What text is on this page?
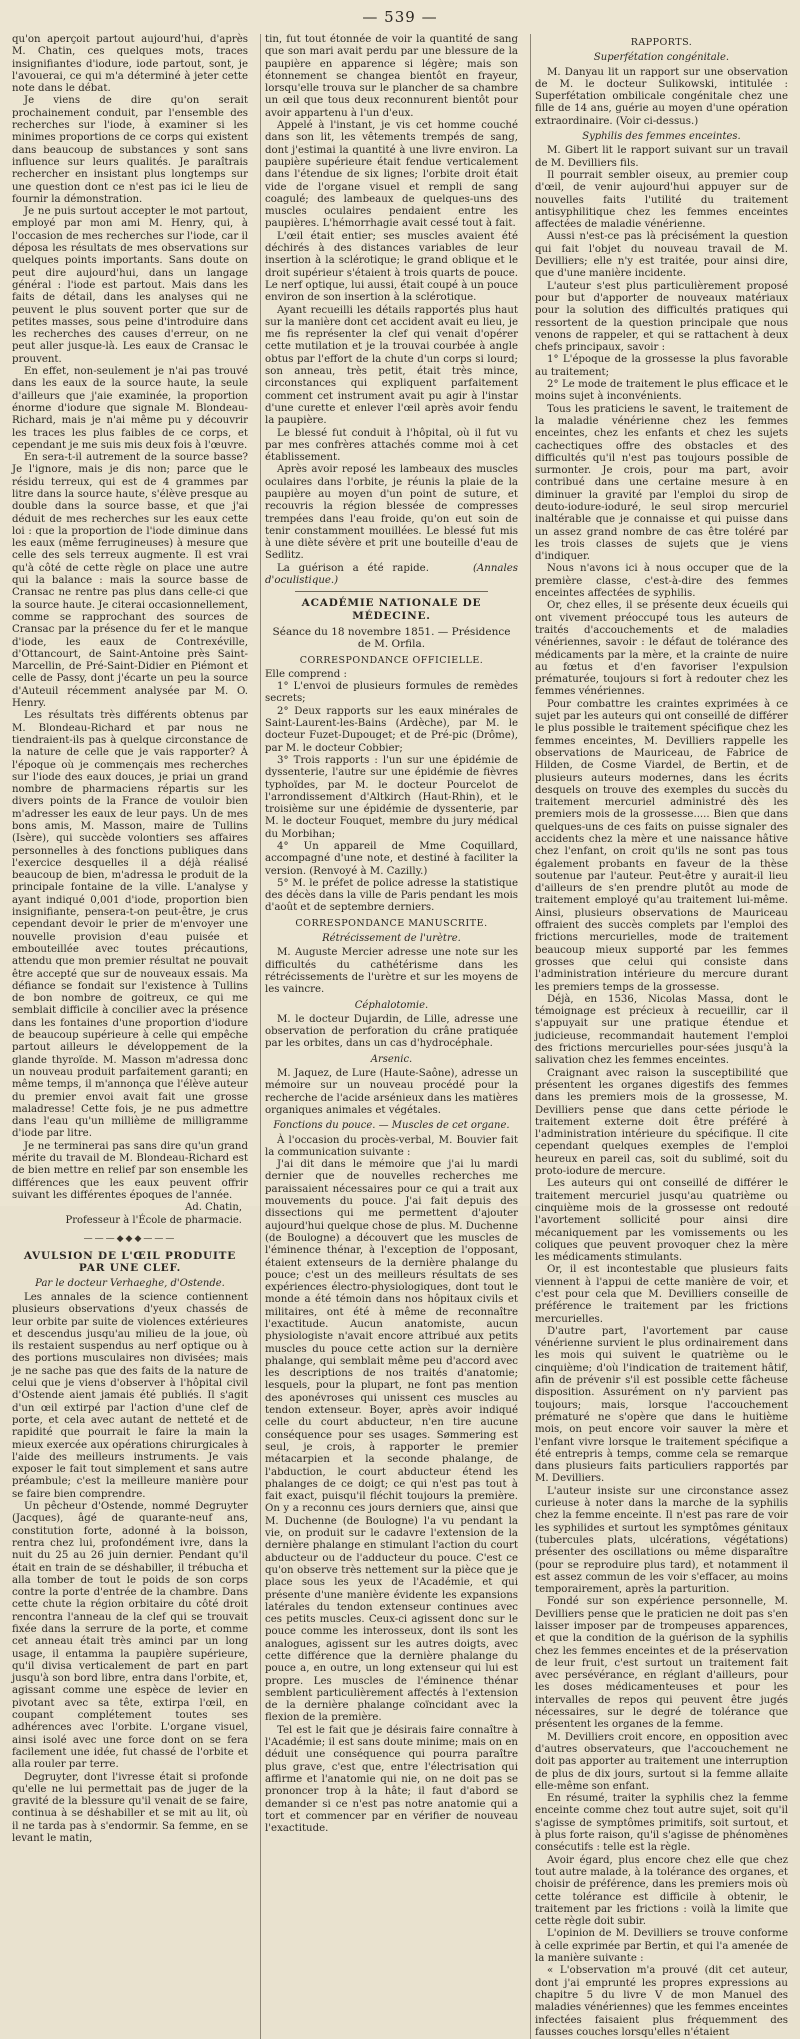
— 539 —

qu'on aperçoit partout aujourd'hui, d'après M. Chatin, ces quelques mots, traces insignifiantes d'iodure, iode partout, sont, je l'avouerai, ce qui m'a déterminé à jeter cette note dans le débat.

Je viens de dire qu'on serait prochainement conduit, par l'ensemble des recherches sur l'iode, à examiner si les minimes proportions de ce corps qui existent dans beaucoup de substances y sont sans influence sur leurs qualités. Je paraîtrais rechercher en insistant plus longtemps sur une question dont ce n'est pas ici le lieu de fournir la démonstration.

Je ne puis surtout accepter le mot partout, employé par mon ami M. Henry, qui, à l'occasion de mes recherches sur l'iode, car il déposa les résultats de mes observations sur quelques points importants. Sans doute on peut dire aujourd'hui, dans un langage général : l'iode est partout. Mais dans les faits de détail, dans les analyses qui ne peuvent le plus souvent porter que sur de petites masses, sous peine d'introduire dans les recherches des causes d'erreur, on ne peut aller jusque-là. Les eaux de Cransac le prouvent.

En effet, non-seulement je n'ai pas trouvé dans les eaux de la source haute, la seule d'ailleurs que j'aie examinée, la proportion énorme d'iodure que signale M. Blondeau-Richard, mais je n'ai même pu y découvrir les traces les plus faibles de ce corps, et cependant je me suis mis deux fois à l'œuvre.

En sera-t-il autrement de la source basse? Je l'ignore, mais je dis non; parce que le résidu terreux, qui est de 4 grammes par litre dans la source haute, s'élève presque au double dans la source basse, et que j'ai déduit de mes recherches sur les eaux cette loi : que la proportion de l'iode diminue dans les eaux (même ferrugineuses) à mesure que celle des sels terreux augmente. Il est vrai qu'à côté de cette règle on place une autre qui la balance : mais la source basse de Cransac ne rentre pas plus dans celle-ci que la source haute. Je citerai occasionnellement, comme se rapprochant des sources de Cransac par la présence du fer et le manque d'iode, les eaux de Contrexéville, d'Ottancourt, de Saint-Antoine près Saint-Marcellin, de Pré-Saint-Didier en Piémont et celle de Passy, dont j'écarte un peu la source d'Auteuil récemment analysée par M. O. Henry.

Les résultats très différents obtenus par M. Blondeau-Richard et par nous ne tiendraient-ils pas à quelque circonstance de la nature de celle que je vais rapporter? À l'époque où je commençais mes recherches sur l'iode des eaux douces, je priai un grand nombre de pharmaciens répartis sur les divers points de la France de vouloir bien m'adresser les eaux de leur pays. Un de mes bons amis, M. Masson, maire de Tullins (Isère), qui succède volontiers ses affaires personnelles à des fonctions publiques dans l'exercice desquelles il a déjà réalisé beaucoup de bien, m'adressa le produit de la principale fontaine de la ville. L'analyse y ayant indiqué 0,001 d'iode, proportion bien insignifiante, pensera-t-on peut-être, je crus cependant devoir le prier de m'envoyer une nouvelle provision d'eau puisée et embouteillée avec toutes précautions, attendu que mon premier résultat ne pouvait être accepté que sur de nouveaux essais. Ma défiance se fondait sur l'existence à Tullins de bon nombre de goitreux, ce qui me semblait difficile à concilier avec la présence dans les fontaines d'une proportion d'iodure de beaucoup supérieure à celle qui empêche partout ailleurs le développement de la glande thyroïde. M. Masson m'adressa donc un nouveau produit parfaitement garanti; en même temps, il m'annonça que l'élève auteur du premier envoi avait fait une grosse maladresse! Cette fois, je ne pus admettre dans l'eau qu'un millième de milligramme d'iode par litre.

Je ne terminerai pas sans dire qu'un grand mérite du travail de M. Blondeau-Richard est de bien mettre en relief par son ensemble les différences que les eaux peuvent offrir suivant les différentes époques de l'année.

Ad. Chatin,
Professeur à l'École de pharmacie.
———◆◆◆———
AVULSION DE L'ŒIL PRODUITE PAR UNE CLEF.
Par le docteur Verhaeghe, d'Ostende.

Les annales de la science contiennent plusieurs observations d'yeux chassés de leur orbite par suite de violences extérieures et descendus jusqu'au milieu de la joue, où ils restaient suspendus au nerf optique ou à des portions musculaires non divisées; mais je ne sache pas que des faits de la nature de celui que je viens d'observer à l'hôpital civil d'Ostende aient jamais été publiés. Il s'agit d'un œil extirpé par l'action d'une clef de porte, et cela avec autant de netteté et de rapidité que pourrait le faire la main la mieux exercée aux opérations chirurgicales à l'aide des meilleurs instruments. Je vais exposer le fait tout simplement et sans autre préambule; c'est la meilleure manière pour se faire bien comprendre.

Un pêcheur d'Ostende, nommé Degruyter (Jacques), âgé de quarante-neuf ans, constitution forte, adonné à la boisson, rentra chez lui, profondément ivre, dans la nuit du 25 au 26 juin dernier. Pendant qu'il était en train de se déshabiller, il trébucha et alla tomber de tout le poids de son corps contre la porte d'entrée de la chambre. Dans cette chute la région orbitaire du côté droit rencontra l'anneau de la clef qui se trouvait fixée dans la serrure de la porte, et comme cet anneau était très aminci par un long usage, il entamma la paupière supérieure, qu'il divisa verticalement de part en part jusqu'à son bord libre, entra dans l'orbite, et, agissant comme une espèce de levier en pivotant avec sa tête, extirpa l'œil, en coupant complétement toutes ses adhérences avec l'orbite. L'organe visuel, ainsi isolé avec une force dont on se fera facilement une idée, fut chassé de l'orbite et alla rouler par terre.

Degruyter, dont l'ivresse était si profonde qu'elle ne lui permettait pas de juger de la gravité de la blessure qu'il venait de se faire, continua à se déshabiller et se mit au lit, où il ne tarda pas à s'endormir. Sa femme, en se levant le matin,

tin, fut tout étonnée de voir la quantité de sang que son mari avait perdu par une blessure de la paupière en apparence si légère; mais son étonnement se changea bientôt en frayeur, lorsqu'elle trouva sur le plancher de sa chambre un œil que tous deux reconnurent bientôt pour avoir appartenu à l'un d'eux.

Appelé à l'instant, je vis cet homme couché dans son lit, les vêtements trempés de sang, dont j'estimai la quantité à une livre environ. La paupière supérieure était fendue verticalement dans l'étendue de six lignes; l'orbite droit était vide de l'organe visuel et rempli de sang coagulé; des lambeaux de quelques-uns des muscles oculaires pendaient entre les paupières. L'hémorrhagie avait cessé tout à fait.

L'œil était entier; ses muscles avaient été déchirés à des distances variables de leur insertion à la sclérotique; le grand oblique et le droit supérieur s'étaient à trois quarts de pouce. Le nerf optique, lui aussi, était coupé à un pouce environ de son insertion à la sclérotique.

Ayant recueilli les détails rapportés plus haut sur la manière dont cet accident avait eu lieu, je me fis représenter la clef qui venait d'opérer cette mutilation et je la trouvai courbée à angle obtus par l'effort de la chute d'un corps si lourd; son anneau, très petit, était très mince, circonstances qui expliquent parfaitement comment cet instrument avait pu agir à l'instar d'une curette et enlever l'œil après avoir fendu la paupière.

Le blessé fut conduit à l'hôpital, où il fut vu par mes confrères attachés comme moi à cet établissement.

Après avoir reposé les lambeaux des muscles oculaires dans l'orbite, je réunis la plaie de la paupière au moyen d'un point de suture, et recouvris la région blessée de compresses trempées dans l'eau froide, qu'on eut soin de tenir constamment mouillées. Le blessé fut mis à une diète sévère et prit une bouteille d'eau de Sedlitz.

La guérison a été rapide.	(Annales d'oculistique.)

ACADÉMIE NATIONALE DE MÉDECINE.
Séance du 18 novembre 1851. — Présidence de M. Orfila.
CORRESPONDANCE OFFICIELLE.

Elle comprend :

1° L'envoi de plusieurs formules de remèdes secrets;

2° Deux rapports sur les eaux minérales de Saint-Laurent-les-Bains (Ardèche), par M. le docteur Fuzet-Dupouget; et de Pré-pic (Drôme), par M. le docteur Cobbier;

3° Trois rapports : l'un sur une épidémie de dyssenterie, l'autre sur une épidémie de fièvres typhoïdes, par M. le docteur Pourcelot de l'arrondissement d'Altkirch (Haut-Rhin), et le troisième sur une épidémie de dyssenterie, par M. le docteur Fouquet, membre du jury médical du Morbihan;

4° Un appareil de Mme Coquillard, accompagné d'une note, et destiné à faciliter la version. (Renvoyé à M. Cazilly.)

5° M. le préfet de police adresse la statistique des décès dans la ville de Paris pendant les mois d'août et de septembre derniers.

CORRESPONDANCE MANUSCRITE.
Rétrécissement de l'urètre.

M. Auguste Mercier adresse une note sur les difficultés du cathétérisme dans les rétrécissements de l'urètre et sur les moyens de les vaincre.

Céphalotomie.

M. le docteur Dujardin, de Lille, adresse une observation de perforation du crâne pratiquée par les orbites, dans un cas d'hydrocéphale.

Arsenic.

M. Jaquez, de Lure (Haute-Saône), adresse un mémoire sur un nouveau procédé pour la recherche de l'acide arsénieux dans les matières organiques animales et végétales.

Fonctions du pouce. — Muscles de cet organe.

À l'occasion du procès-verbal, M. Bouvier fait la communication suivante :

J'ai dit dans le mémoire que j'ai lu mardi dernier que de nouvelles recherches me paraissaient nécessaires pour ce qui a trait aux mouvements du pouce. J'ai fait depuis des dissections qui me permettent d'ajouter aujourd'hui quelque chose de plus. M. Duchenne (de Boulogne) a découvert que les muscles de l'éminence thénar, à l'exception de l'opposant, étaient extenseurs de la dernière phalange du pouce; c'est un des meilleurs résultats de ses expériences électro-physiologiques, dont tout le monde a été témoin dans nos hôpitaux civils et militaires, ont été à même de reconnaître l'exactitude. Aucun anatomiste, aucun physiologiste n'avait encore attribué aux petits muscles du pouce cette action sur la dernière phalange, qui semblait même peu d'accord avec les descriptions de nos traités d'anatomie; lesquels, pour la plupart, ne font pas mention des aponévroses qui unissent ces muscles au tendon extenseur. Boyer, après avoir indiqué celle du court abducteur, n'en tire aucune conséquence pour ses usages. Sømmering est seul, je crois, à rapporter le premier métacarpien et la seconde phalange, de l'abduction, le court abducteur étend les phalanges de ce doigt; ce qui n'est pas tout à fait exact, puisqu'il fléchit toujours la première. On y a reconnu ces jours derniers que, ainsi que M. Duchenne (de Boulogne) l'a vu pendant la vie, on produit sur le cadavre l'extension de la dernière phalange en stimulant l'action du court abducteur ou de l'adducteur du pouce. C'est ce qu'on observe très nettement sur la pièce que je place sous les yeux de l'Académie, et qui présente d'une manière évidente les expansions latérales du tendon extenseur continues avec ces petits muscles. Ceux-ci agissent donc sur le pouce comme les interosseux, dont ils sont les analogues, agissent sur les autres doigts, avec cette différence que la dernière phalange du pouce a, en outre, un long extenseur qui lui est propre. Les muscles de l'éminence thénar semblent particulièrement affectés à l'extension de la dernière phalange coïncidant avec la flexion de la première.

Tel est le fait que je désirais faire connaître à l'Académie; il est sans doute minime; mais on en déduit une conséquence qui pourra paraître plus grave, c'est que, entre l'électrisation qui affirme et l'anatomie qui nie, on ne doit pas se prononcer trop à la hâte; il faut d'abord se demander si ce n'est pas notre anatomie qui a tort et commencer par en vérifier de nouveau l'exactitude.

RAPPORTS.
Superfétation congénitale.

M. Danyau lit un rapport sur une observation de M. le docteur Sulikowski, intitulée : Superfétation ombilicale congénitale chez une fille de 14 ans, guérie au moyen d'une opération extraordinaire. (Voir ci-dessus.)

Syphilis des femmes enceintes.

M. Gibert lit le rapport suivant sur un travail de M. Devilliers fils.

Il pourrait sembler oiseux, au premier coup d'œil, de venir aujourd'hui appuyer sur de nouvelles faits l'utilité du traitement antisyphilitique chez les femmes enceintes affectées de maladie vénérienne.

Aussi n'est-ce pas là précisément la question qui fait l'objet du nouveau travail de M. Devilliers; elle n'y est traitée, pour ainsi dire, que d'une manière incidente.

L'auteur s'est plus particulièrement proposé pour but d'apporter de nouveaux matériaux pour la solution des difficultés pratiques qui ressortent de la question principale que nous venons de rappeler, et qui se rattachent à deux chefs principaux, savoir :

1° L'époque de la grossesse la plus favorable au traitement;

2° Le mode de traitement le plus efficace et le moins sujet à inconvénients.

Tous les praticiens le savent, le traitement de la maladie vénérienne chez les femmes enceintes, chez les enfants et chez les sujets cachectiques offre des obstacles et des difficultés qu'il n'est pas toujours possible de surmonter. Je crois, pour ma part, avoir contribué dans une certaine mesure à en diminuer la gravité par l'emploi du sirop de deuto-iodure-ioduré, le seul sirop mercuriel inaltérable que je connaisse et qui puisse dans un assez grand nombre de cas être toléré par les trois classes de sujets que je viens d'indiquer.

Nous n'avons ici à nous occuper que de la première classe, c'est-à-dire des femmes enceintes affectées de syphilis.

Or, chez elles, il se présente deux écueils qui ont vivement préoccupé tous les auteurs de traités d'accouchements et de maladies vénériennes, savoir : le défaut de tolérance des médicaments par la mère, et la crainte de nuire au fœtus et d'en favoriser l'expulsion prématurée, toujours si fort à redouter chez les femmes vénériennes.

Pour combattre les craintes exprimées à ce sujet par les auteurs qui ont conseillé de différer le plus possible le traitement spécifique chez les femmes enceintes, M. Devilliers rappelle les observations de Mauriceau, de Fabrice de Hilden, de Cosme Viardel, de Bertin, et de plusieurs auteurs modernes, dans les écrits desquels on trouve des exemples du succès du traitement mercuriel administré dès les premiers mois de la grossesse..... Bien que dans quelques-uns de ces faits on puisse signaler des accidents chez la mère et une naissance hâtive chez l'enfant, on croit qu'ils ne sont pas tous également probants en faveur de la thèse soutenue par l'auteur. Peut-être y aurait-il lieu d'ailleurs de s'en prendre plutôt au mode de traitement employé qu'au traitement lui-même. Ainsi, plusieurs observations de Mauriceau offraient des succès complets par l'emploi des frictions mercurielles, mode de traitement beaucoup mieux supporté par les femmes grosses que celui qui consiste dans l'administration intérieure du mercure durant les premiers temps de la grossesse.

Déjà, en 1536, Nicolas Massa, dont le témoignage est précieux à recueillir, car il s'appuyait sur une pratique étendue et judicieuse, recommandait hautement l'emploi des frictions mercurielles pour-sées jusqu'à la salivation chez les femmes enceintes.

Craignant avec raison la susceptibilité que présentent les organes digestifs des femmes dans les premiers mois de la grossesse, M. Devilliers pense que dans cette période le traitement externe doit être préféré à l'administration intérieure du spécifique. Il cite cependant quelques exemples de l'emploi heureux en pareil cas, soit du sublimé, soit du proto-iodure de mercure.

Les auteurs qui ont conseillé de différer le traitement mercuriel jusqu'au quatrième ou cinquième mois de la grossesse ont redouté l'avortement sollicité pour ainsi dire mécaniquement par les vomissements ou les coliques que peuvent provoquer chez la mère les médicaments stimulants.

Or, il est incontestable que plusieurs faits viennent à l'appui de cette manière de voir, et c'est pour cela que M. Devilliers conseille de préférence le traitement par les frictions mercurielles.

D'autre part, l'avortement par cause vénérienne survient le plus ordinairement dans les mois qui suivent le quatrième ou le cinquième; d'où l'indication de traitement hâtif, afin de prévenir s'il est possible cette fâcheuse disposition. Assurément on n'y parvient pas toujours; mais, lorsque l'accouchement prématuré ne s'opère que dans le huitième mois, on peut encore voir sauver la mère et l'enfant vivre lorsque le traitement spécifique a été entrepris à temps, comme cela se remarque dans plusieurs faits particuliers rapportés par M. Devilliers.

L'auteur insiste sur une circonstance assez curieuse à noter dans la marche de la syphilis chez la femme enceinte. Il n'est pas rare de voir les syphilides et surtout les symptômes génitaux (tubercules plats, ulcérations, végétations) présenter des oscillations ou même disparaître (pour se reproduire plus tard), et notamment il est assez commun de les voir s'effacer, au moins temporairement, après la parturition.

Fondé sur son expérience personnelle, M. Devilliers pense que le praticien ne doit pas s'en laisser imposer par de trompeuses apparences, et que la condition de la guérison de la syphilis chez les femmes enceintes et de la préservation de leur fruit, c'est surtout un traitement fait avec persévérance, en réglant d'ailleurs, pour les doses médicamenteuses et pour les intervalles de repos qui peuvent être jugés nécessaires, sur le degré de tolérance que présentent les organes de la femme.

M. Devilliers croit encore, en opposition avec d'autres observateurs, que l'accouchement ne doit pas apporter au traitement une interruption de plus de dix jours, surtout si la femme allaite elle-même son enfant.

En résumé, traiter la syphilis chez la femme enceinte comme chez tout autre sujet, soit qu'il s'agisse de symptômes primitifs, soit surtout, et à plus forte raison, qu'il s'agisse de phénomènes consécutifs : telle est la règle.

Avoir égard, plus encore chez elle que chez tout autre malade, à la tolérance des organes, et choisir de préférence, dans les premiers mois où cette tolérance est difficile à obtenir, le traitement par les frictions : voilà la limite que cette règle doit subir.

L'opinion de M. Devilliers se trouve conforme à celle exprimée par Bertin, et qui l'a amenée de la manière suivante :

« L'observation m'a prouvé (dit cet auteur, dont j'ai emprunté les propres expressions au chapitre 5 du livre V de mon Manuel des maladies vénériennes) que les femmes enceintes infectées faisaient plus fréquemment des fausses couches lorsqu'elles n'étaient
